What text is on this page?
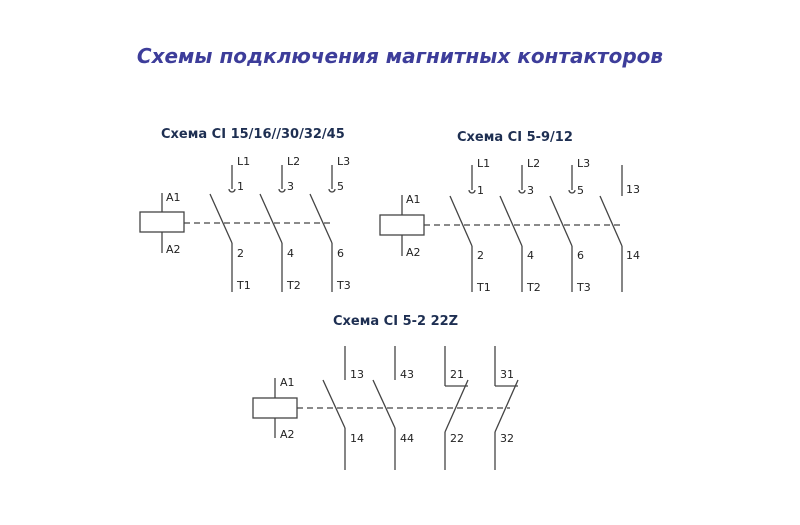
Схемы подключения магнитных контакторов
Схема CI 15/16//30/32/45	Схема CI 5-9/12
Схема CI 5-2 22Z
A1
A2
L1
1
2
T1
L2
3
4
T2
L3
5
6
T3
A1
A2
L1
1
2
T1
L2
3
4
T2
L3
5
6
T3
13
14
A1
A2
13
14
43
44
21
22
31
32
